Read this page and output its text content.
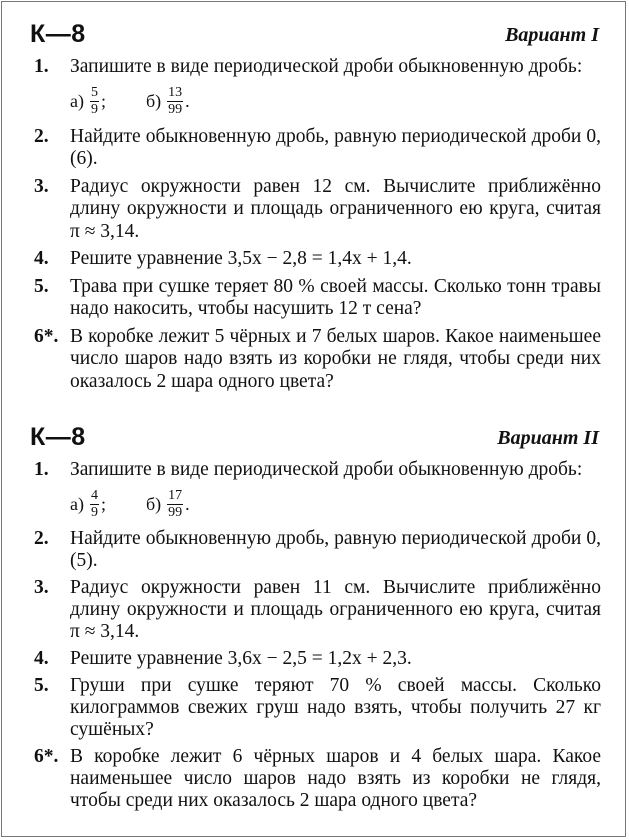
К—8	Вариант I
1.	Запишите в виде периодической дроби обыкновенную дробь:
$а) \frac{5}{9}$ ; $б) \frac{13}{99}$ .
2.	Найдите обыкновенную дробь, равную периодической дроби 0,(6).
3.	Радиус окружности равен 12 см. Вычислите приближённо длину окружности и площадь ограниченного ею круга, считая π ≈ 3,14.
4.	Решите уравнение 3,5x − 2,8 = 1,4x + 1,4.
5.	Трава при сушке теряет 80 % своей массы. Сколько тонн травы надо накосить, чтобы насушить 12 т сена?
6*. В коробке лежит 5 чёрных и 7 белых шаров. Какое наименьшее число шаров надо взять из коробки не глядя, чтобы среди них оказалось 2 шара одного цвета?
К—8	Вариант II
1.	Запишите в виде периодической дроби обыкновенную дробь:
$а) \frac{4}{9}$ ; $б) \frac{17}{99}$ .
2.	Найдите обыкновенную дробь, равную периодической дроби 0,(5).
3.	Радиус окружности равен 11 см. Вычислите приближённо длину окружности и площадь ограниченного ею круга, считая π ≈ 3,14.
4.	Решите уравнение 3,6x − 2,5 = 1,2x + 2,3.
5.	Груши при сушке теряют 70 % своей массы. Сколько килограммов свежих груш надо взять, чтобы получить 27 кг сушёных?
6*. В коробке лежит 6 чёрных шаров и 4 белых шара. Какое наименьшее число шаров надо взять из коробки не глядя, чтобы среди них оказалось 2 шара одного цвета?
